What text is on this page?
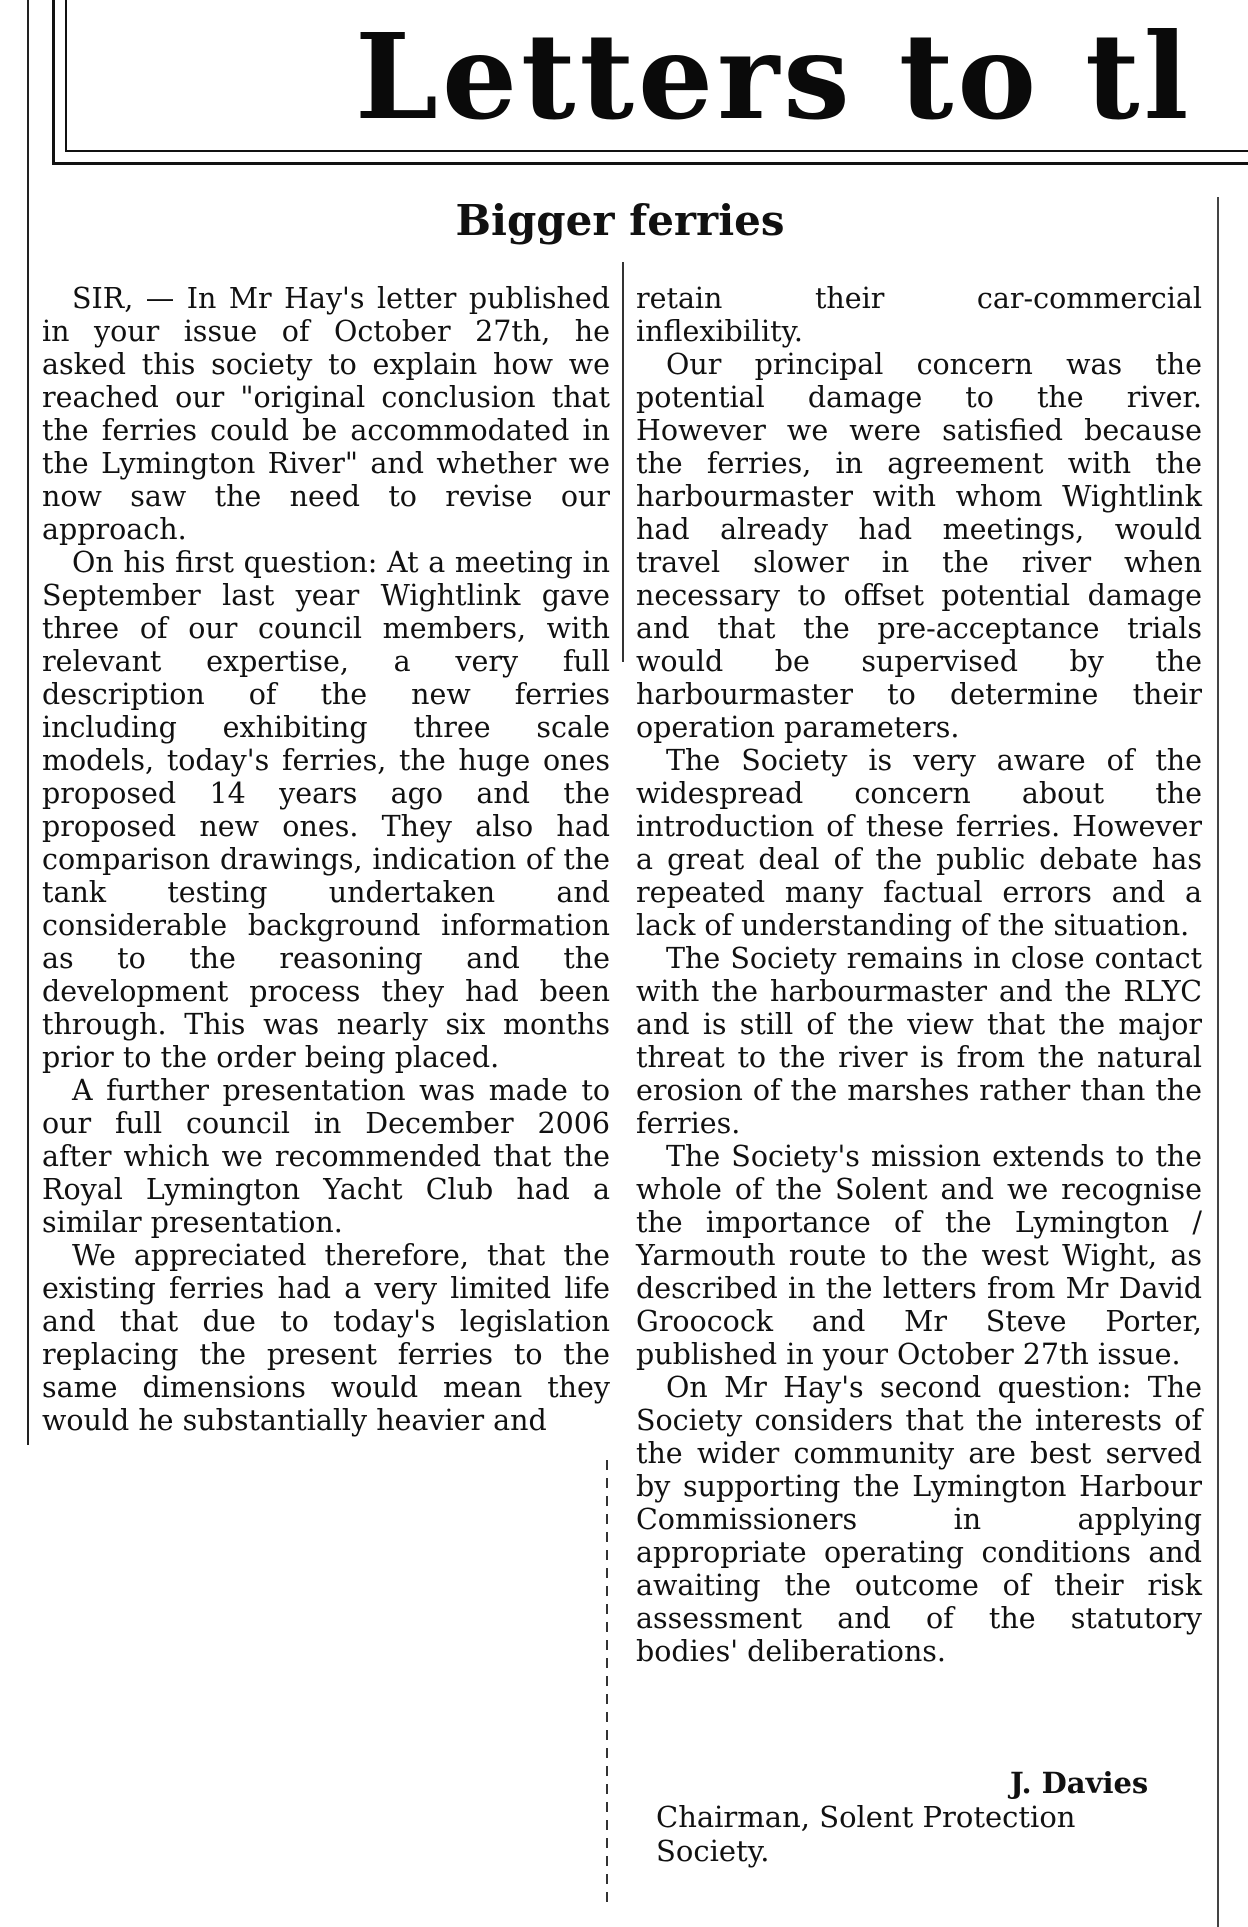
Letters to tl
Bigger ferries

SIR, — In Mr Hay's letter published in your issue of October 27th, he asked this society to explain how we reached our "original conclusion that the ferries could be accommodated in the Lymington River" and whether we now saw the need to revise our approach.

On his first question: At a meeting in September last year Wightlink gave three of our council members, with relevant expertise, a very full description of the new ferries including exhibiting three scale models, today's ferries, the huge ones proposed 14 years ago and the proposed new ones. They also had comparison drawings, indication of the tank testing undertaken and considerable background information as to the reasoning and the development process they had been through. This was nearly six months prior to the order being placed.

A further presentation was made to our full council in December 2006 after which we recommended that the Royal Lymington Yacht Club had a similar presentation.

We appreciated therefore, that the existing ferries had a very limited life and that due to today's legislation replacing the present ferries to the same dimensions would mean they would he substantially heavier and

retain their car-commercial inflexibility.

Our principal concern was the potential damage to the river. However we were satisfied because the ferries, in agreement with the harbourmaster with whom Wightlink had already had meetings, would travel slower in the river when necessary to offset potential damage and that the pre-acceptance trials would be supervised by the harbourmaster to determine their operation parameters.

The Society is very aware of the widespread concern about the introduction of these ferries. However a great deal of the public debate has repeated many factual errors and a lack of understanding of the situation.

The Society remains in close contact with the harbourmaster and the RLYC and is still of the view that the major threat to the river is from the natural erosion of the marshes rather than the ferries.

The Society's mission extends to the whole of the Solent and we recognise the importance of the Lymington / Yarmouth route to the west Wight, as described in the letters from Mr David Groocock and Mr Steve Porter, published in your October 27th issue.

On Mr Hay's second question: The Society considers that the interests of the wider community are best served by supporting the Lymington Harbour Commissioners in applying appropriate operating conditions and awaiting the outcome of their risk assessment and of the statutory bodies' deliberations.

J. Davies
Chairman, Solent Protection Society.
